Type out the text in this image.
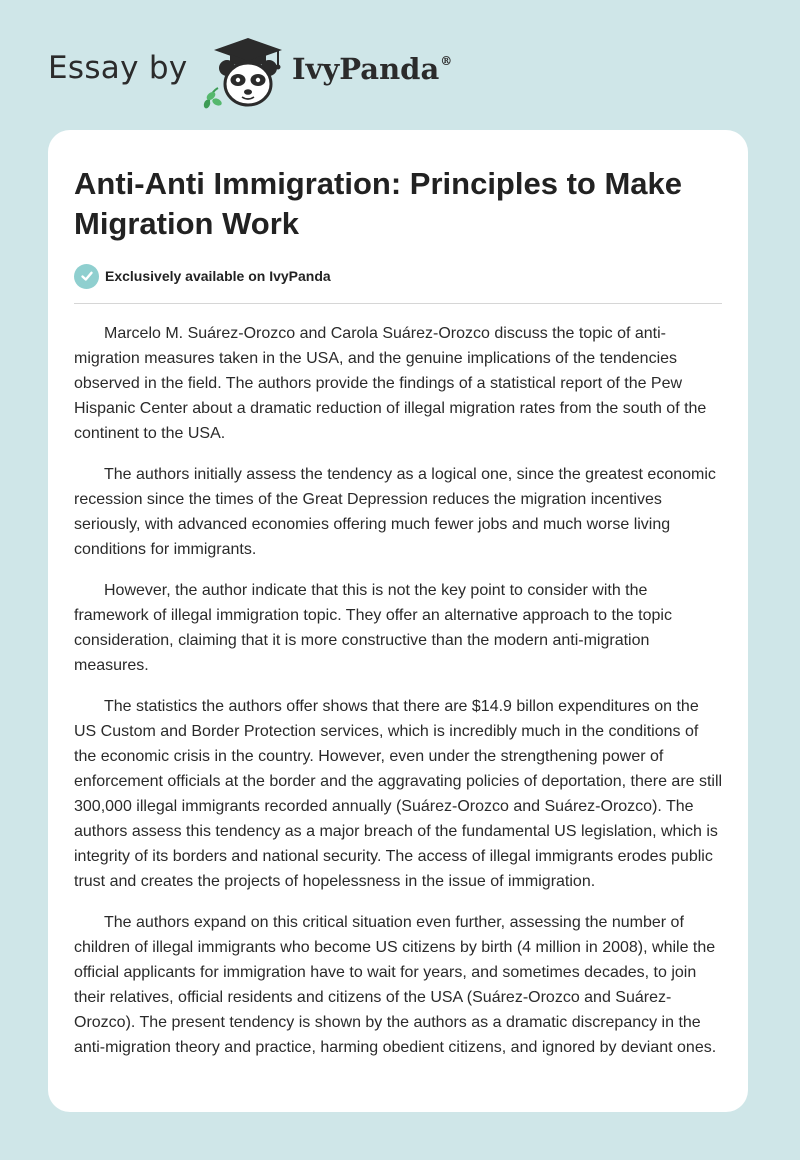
Essay by	IvyPanda®
Anti-Anti Immigration: Principles to Make Migration Work
Exclusively available on IvyPanda

Marcelo M. Suárez-Orozco and Carola Suárez-Orozco discuss the topic of anti-migration measures taken in the USA, and the genuine implications of the tendencies observed in the field. The authors provide the findings of a statistical report of the Pew Hispanic Center about a dramatic reduction of illegal migration rates from the south of the continent to the USA.

The authors initially assess the tendency as a logical one, since the greatest economic recession since the times of the Great Depression reduces the migration incentives seriously, with advanced economies offering much fewer jobs and much worse living conditions for immigrants.

However, the author indicate that this is not the key point to consider with the framework of illegal immigration topic. They offer an alternative approach to the topic consideration, claiming that it is more constructive than the modern anti-migration measures.

The statistics the authors offer shows that there are $14.9 billon expenditures on the US Custom and Border Protection services, which is incredibly much in the conditions of the economic crisis in the country. However, even under the strengthening power of enforcement officials at the border and the aggravating policies of deportation, there are still 300,000 illegal immigrants recorded annually (Suárez-Orozco and Suárez-Orozco). The authors assess this tendency as a major breach of the fundamental US legislation, which is integrity of its borders and national security. The access of illegal immigrants erodes public trust and creates the projects of hopelessness in the issue of immigration.

The authors expand on this critical situation even further, assessing the number of children of illegal immigrants who become US citizens by birth (4 million in 2008), while the official applicants for immigration have to wait for years, and sometimes decades, to join their relatives, official residents and citizens of the USA (Suárez-Orozco and Suárez-Orozco). The present tendency is shown by the authors as a dramatic discrepancy in the anti-migration theory and practice, harming obedient citizens, and ignored by deviant ones.
